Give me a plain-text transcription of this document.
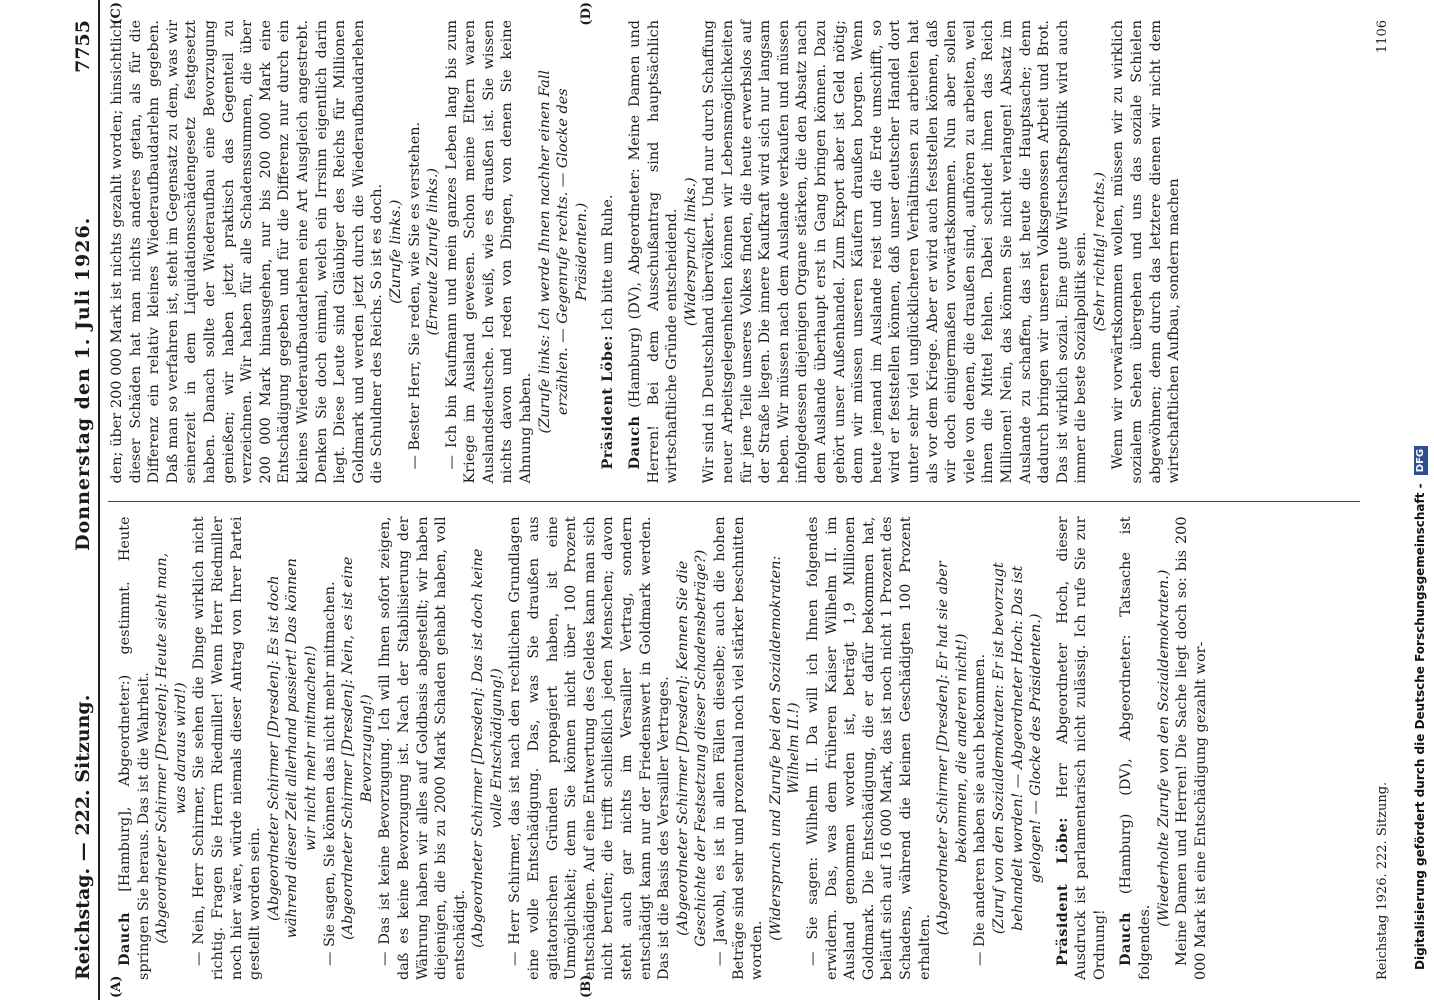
Reichstag. — 222. Sitzung.
Donnerstag den 1. Juli 1926.
7755
(A)	(B)

Dauch [Hamburg], Abgeordneter:) gestimmt. Heute springen Sie heraus. Das ist die Wahrheit. (Abgeordneter Schirmer [Dresden]: Heute sieht man, was daraus wird!) — Nein, Herr Schirmer, Sie sehen die Dinge wirklich nicht richtig. Fragen Sie Herrn Riedmiller! Wenn Herr Riedmiller noch hier wäre, würde niemals dieser Antrag von Ihrer Partei gestellt worden sein. (Abgeordneter Schirmer [Dresden]: Es ist doch während dieser Zeit allerhand passiert! Das können wir nicht mehr mitmachen!) — Sie sagen, Sie können das nicht mehr mitmachen. (Abgeordneter Schirmer [Dresden]: Nein, es ist eine Bevorzugung!) — Das ist keine Bevorzugung. Ich will Ihnen sofort zeigen, daß es keine Bevorzugung ist. Nach der Stabilisierung der Währung haben wir alles auf Goldbasis abgestellt; wir haben diejenigen, die bis zu 2000 Mark Schaden gehabt haben, voll entschädigt. (Abgeordneter Schirmer [Dresden]: Das ist doch keine volle Entschädigung!) — Herr Schirmer, das ist nach den rechtlichen Grundlagen eine volle Entschädigung. Das, was Sie draußen aus agitatorischen Gründen propagiert haben, ist eine Unmöglichkeit; denn Sie können nicht über 100 Prozent entschädigen. Auf eine Entwertung des Geldes kann man sich nicht berufen; die trifft schließlich jeden Menschen; davon steht auch gar nichts im Versailler Vertrag, sondern entschädigt kann nur der Friedenswert in Goldmark werden. Das ist die Basis des Versailler Vertrages. (Abgeordneter Schirmer [Dresden]: Kennen Sie die Geschichte der Festsetzung dieser Schadensbeträge?) — Jawohl, es ist in allen Fällen dieselbe; auch die hohen Beträge sind sehr und prozentual noch viel stärker beschnitten worden.

(Widerspruch und Zurufe bei den Sozialdemokraten: Wilhelm II.!) — Sie sagen: Wilhelm II. Da will ich Ihnen folgendes erwidern. Das, was dem früheren Kaiser Wilhelm II. im Ausland genommen worden ist, beträgt 1,9 Millionen Goldmark. Die Entschädigung, die er dafür bekommen hat, beläuft sich auf 16 000 Mark, das ist noch nicht 1 Prozent des Schadens, während die kleinen Geschädigten 100 Prozent erhalten.

(Abgeordneter Schirmer [Dresden]: Er hat sie aber bekommen, die anderen nicht!) — Die anderen haben sie auch bekommen. (Zuruf von den Sozialdemokraten: Er ist bevorzugt behandelt worden! — Abgeordneter Hoch: Das ist gelogen! — Glocke des Präsidenten.)

Präsident Löbe: Herr Abgeordneter Hoch, dieser Ausdruck ist parlamentarisch nicht zulässig. Ich rufe Sie zur Ordnung! Dauch (Hamburg) (DV), Abgeordneter: Tatsache ist folgendes.

(Wiederholte Zurufe von den Sozialdemokraten.) Meine Damen und Herren! Die Sache liegt doch so: bis 200 000 Mark ist eine Entschädigung gezahlt wor-

(C)	(D)

den; über 200 000 Mark ist nichts gezahlt worden; hinsichtlich dieser Schäden hat man nichts anderes getan, als für die Differenz ein relativ kleines Wiederaufbaudarlehn gegeben. Daß man so verfahren ist, steht im Gegensatz zu dem, was wir seinerzeit in dem Liquidationsschädengesetz festgesetzt haben. Danach sollte der Wiederaufbau eine Bevorzugung genießen; wir haben jetzt praktisch das Gegenteil zu verzeichnen. Wir haben für alle Schadenssummen, die über 200 000 Mark hinausgehen, nur bis 200 000 Mark eine Entschädigung gegeben und für die Differenz nur durch ein kleines Wiederaufbaudarlehen eine Art Ausgleich angestrebt. Denken Sie doch einmal, welch ein Irrsinn eigentlich darin liegt. Diese Leute sind Gläubiger des Reichs für Millionen Goldmark und werden jetzt durch die Wiederaufbaudarlehen die Schuldner des Reichs. So ist es doch. (Zurufe links.) — Bester Herr, Sie reden, wie Sie es verstehen. (Erneute Zurufe links.) — Ich bin Kaufmann und mein ganzes Leben lang bis zum Kriege im Ausland gewesen. Schon meine Eltern waren Auslandsdeutsche. Ich weiß, wie es draußen ist. Sie wissen nichts davon und reden von Dingen, von denen Sie keine Ahnung haben. (Zurufe links: Ich werde Ihnen nachher einen Fall erzählen. — Gegenrufe rechts. — Glocke des Präsidenten.)

Präsident Löbe: Ich bitte um Ruhe.

Dauch (Hamburg) (DV), Abgeordneter: Meine Damen und Herren! Bei dem Ausschußantrag sind hauptsächlich wirtschaftliche Gründe entscheidend. (Widerspruch links.) Wir sind in Deutschland übervölkert. Und nur durch Schaffung neuer Arbeitsgelegenheiten können wir Lebensmöglichkeiten für jene Teile unseres Volkes finden, die heute erwerbslos auf der Straße liegen. Die innere Kaufkraft wird sich nur langsam heben. Wir müssen nach dem Auslande verkaufen und müssen infolgedessen diejenigen Organe stärken, die den Absatz nach dem Auslande überhaupt erst in Gang bringen können. Dazu gehört unser Außenhandel. Zum Export aber ist Geld nötig; denn wir müssen unseren Käufern draußen borgen. Wenn heute jemand im Auslande reist und die Erde umschifft, so wird er feststellen können, daß unser deutscher Handel dort unter sehr viel unglücklicheren Verhältnissen zu arbeiten hat als vor dem Kriege. Aber er wird auch feststellen können, daß wir doch einigermaßen vorwärtskommen. Nun aber sollen viele von denen, die draußen sind, aufhören zu arbeiten, weil ihnen die Mittel fehlen. Dabei schuldet ihnen das Reich Millionen! Nein, das können Sie nicht verlangen! Absatz im Auslande zu schaffen, das ist heute die Hauptsache; denn dadurch bringen wir unseren Volksgenossen Arbeit und Brot. Das ist wirklich sozial. Eine gute Wirtschaftspolitik wird auch immer die beste Sozialpolitik sein. (Sehr richtig! rechts.) Wenn wir vorwärtskommen wollen, müssen wir zu wirklich sozialem Sehen übergehen und uns das soziale Schielen abgewöhnen; denn durch das letztere dienen wir nicht dem wirtschaftlichen Aufbau, sondern machen

Reichstag 1926. 222. Sitzung.
1106
Digitalisierung gefördert durch die Deutsche Forschungsgemeinschaft - DFG
